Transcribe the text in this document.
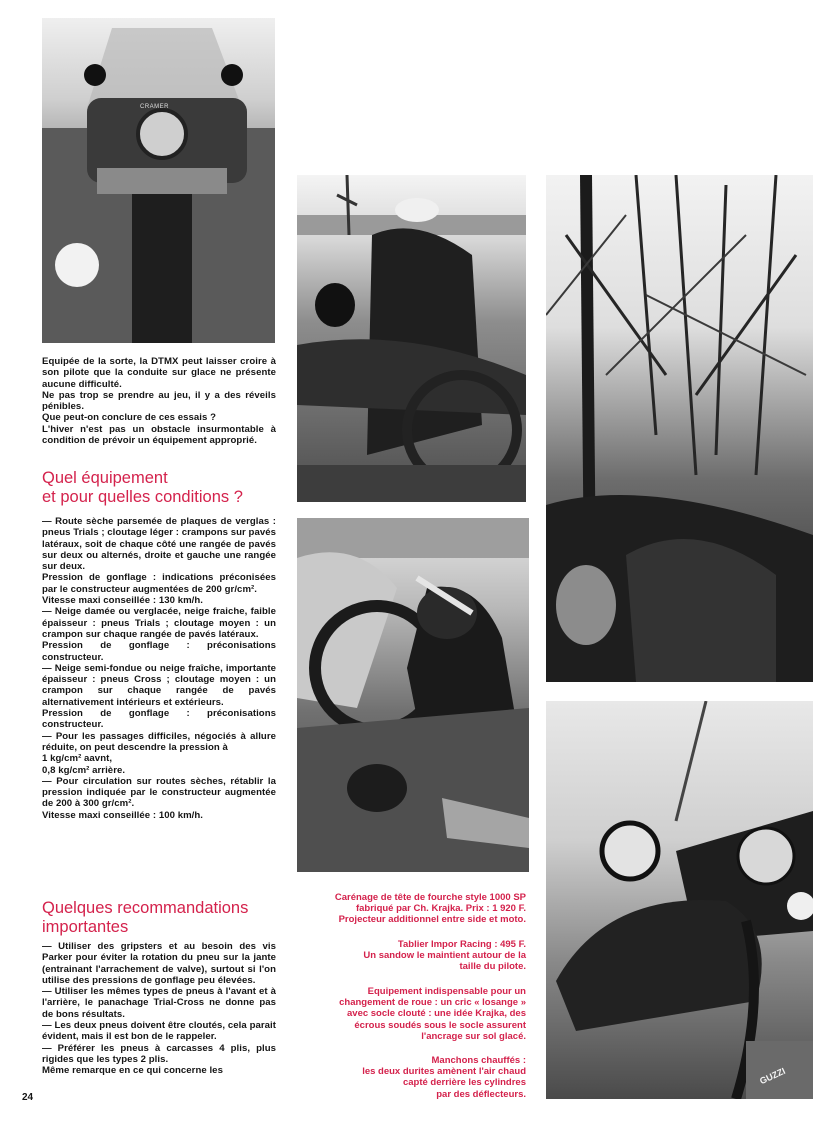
CRAMER
GUZZI

Equipée de la sorte, la DTMX peut laisser croire à son pilote que la conduite sur glace ne présente aucune difficulté.

Ne pas trop se prendre au jeu, il y a des réveils pénibles.

Que peut-on conclure de ces essais ?

L'hiver n'est pas un obstacle insurmontable à condition de prévoir un équipement approprié.

Quel équipement
et pour quelles conditions ?

— Route sèche parsemée de plaques de verglas : pneus Trials ; cloutage léger : crampons sur pavés latéraux, soit de chaque côté une rangée de pavés sur deux ou alternés, droite et gauche une rangée sur deux.

Pression de gonflage : indications préconisées par le constructeur augmentées de 200 gr/cm².

Vitesse maxi conseillée : 130 km/h.

— Neige damée ou verglacée, neige fraiche, faible épaisseur : pneus Trials ; cloutage moyen : un crampon sur chaque rangée de pavés latéraux.

Pression de gonflage : préconisations constructeur.

— Neige semi-fondue ou neige fraîche, importante épaisseur : pneus Cross ; cloutage moyen : un crampon sur chaque rangée de pavés alternativement intérieurs et extérieurs.

Pression de gonflage : préconisations constructeur.

— Pour les passages difficiles, négociés à allure réduite, on peut descendre la pression à

1 kg/cm² aavnt,

0,8 kg/cm² arrière.

— Pour circulation sur routes sèches, rétablir la pression indiquée par le constructeur augmentée de 200 à 300 gr/cm².

Vitesse maxi conseillée : 100 km/h.

Quelques recommandations
importantes

— Utiliser des gripsters et au besoin des vis Parker pour éviter la rotation du pneu sur la jante (entrainant l'arrachement de valve), surtout si l'on utilise des pressions de gonflage peu élevées.

— Utiliser les mêmes types de pneus à l'avant et à l'arrière, le panachage Trial-Cross ne donne pas de bons résultats.

— Les deux pneus doivent être cloutés, cela parait évident, mais il est bon de le rappeler.

— Préférer les pneus à carcasses 4 plis, plus rigides que les types 2 plis.

Même remarque en ce qui concerne les

24

Carénage de tête de fourche style 1000 SP
fabriqué par Ch. Krajka. Prix : 1 920 F.
Projecteur additionnel entre side et moto.

Tablier Impor Racing : 495 F.
Un sandow le maintient autour de la
taille du pilote.

Equipement indispensable pour un
changement de roue : un cric « losange »
avec socle clouté : une idée Krajka, des
écrous soudés sous le socle assurent
l'ancrage sur sol glacé.

Manchons chauffés :
les deux durites amènent l'air chaud
capté derrière les cylindres
par des déflecteurs.
